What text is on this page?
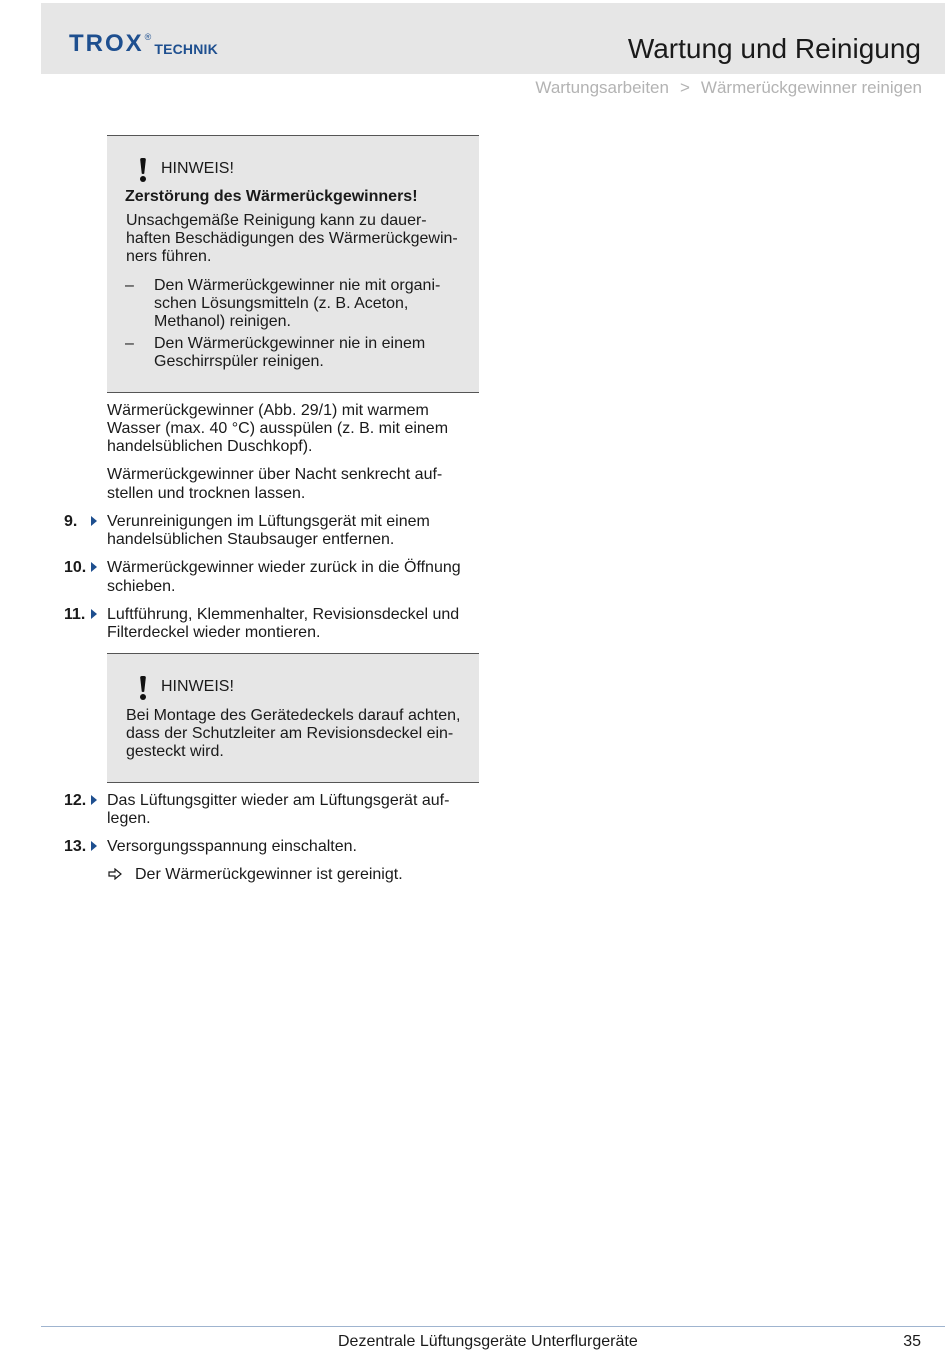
TROX ®
TECHNIK	Wartung und Reinigung
Wartungsarbeiten > Wärmerückgewinner reinigen
HINWEIS!
Zerstörung des Wärmerückgewinners!
Unsachgemäße Reinigung kann zu dauer-
haften Beschädigungen des Wärmerückgewin-
ners führen.
– Den Wärmerückgewinner nie mit organi-
schen Lösungsmitteln (z. B. Aceton,
Methanol) reinigen.
– Den Wärmerückgewinner nie in einem
Geschirrspüler reinigen.
Wärmerückgewinner (Abb. 29/1) mit warmem
Wasser (max. 40 °C) ausspülen (z. B. mit einem
handelsüblichen Duschkopf).
Wärmerückgewinner über Nacht senkrecht auf-
stellen und trocknen lassen.
9. Verunreinigungen im Lüftungsgerät mit einem
handelsüblichen Staubsauger entfernen.
10. Wärmerückgewinner wieder zurück in die Öffnung
schieben.
11. Luftführung, Klemmenhalter, Revisionsdeckel und
Filterdeckel wieder montieren.
HINWEIS!
Bei Montage des Gerätedeckels darauf achten,
dass der Schutzleiter am Revisionsdeckel ein-
gesteckt wird.
12. Das Lüftungsgitter wieder am Lüftungsgerät auf-
legen.
13. Versorgungsspannung einschalten.
Der Wärmerückgewinner ist gereinigt.
Dezentrale Lüftungsgeräte Unterflurgeräte	35
